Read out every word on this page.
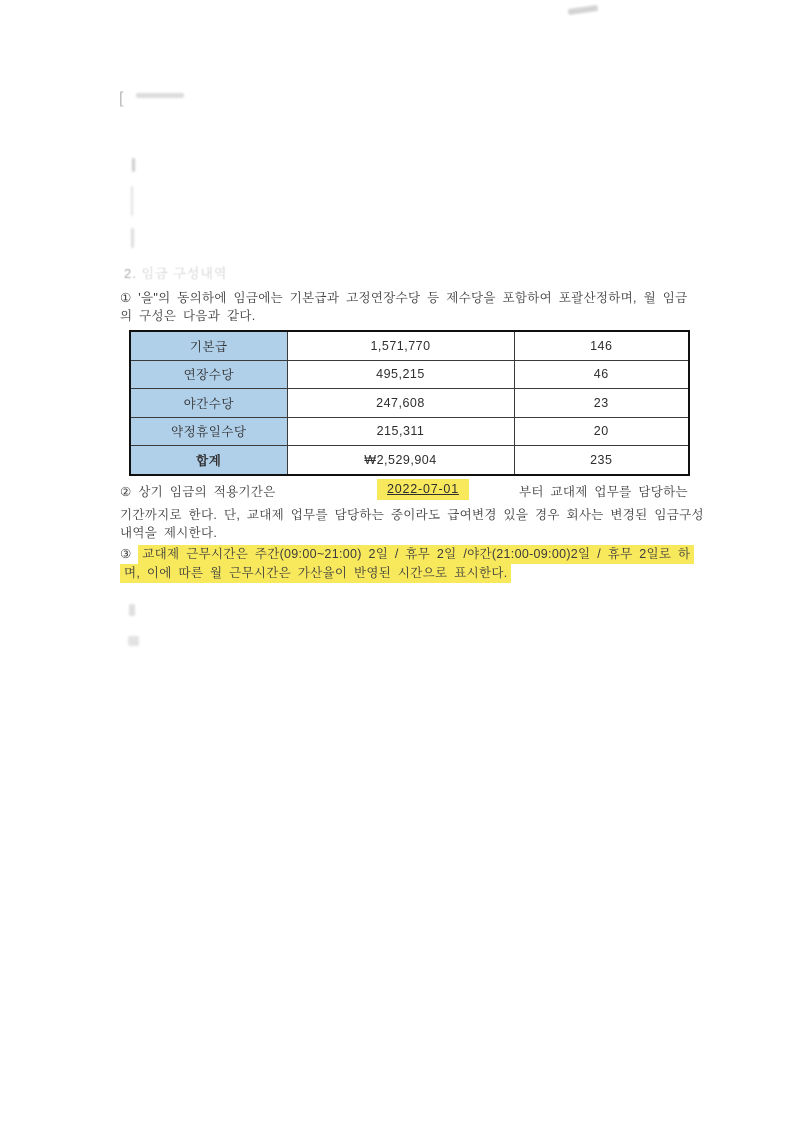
[
2. 임금 구성내역
① '을"의 동의하에 임금에는 기본급과 고정연장수당 등 제수당을 포함하여 포괄산정하며, 월 임금
의 구성은 다음과 같다.
기본급	1,571,770	146
연장수당	495,215	46
야간수당	247,608	23
약정휴일수당	215,311	20
합계	₩2,529,904	235
② 상기 임금의 적용기간은	2022-07-01	부터 교대제 업무를 담당하는
기간까지로 한다. 단, 교대제 업무를 담당하는 중이라도 급여변경 있을 경우 회사는 변경된 임금구성
내역을 제시한다.
③ 교대제 근무시간은 주간(09:00~21:00) 2일 / 휴무 2일 /야간(21:00-09:00)2일 / 휴무 2일로 하
며, 이에 따른 월 근무시간은 가산율이 반영된 시간으로 표시한다.
